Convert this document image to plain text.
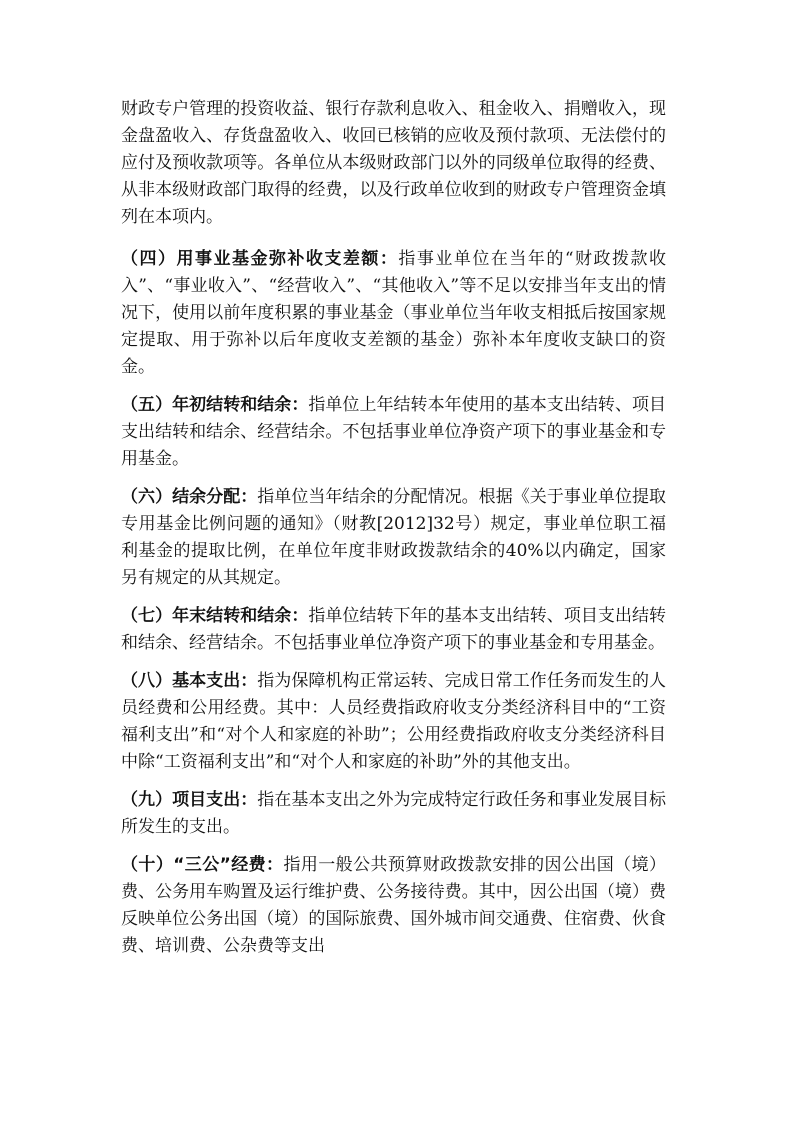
财政专户管理的投资收益、银行存款利息收入、租金收入、捐赠收入，现金盘盈收入、存货盘盈收入、收回已核销的应收及预付款项、无法偿付的应付及预收款项等。各单位从本级财政部门以外的同级单位取得的经费、从非本级财政部门取得的经费，以及行政单位收到的财政专户管理资金填列在本项内。

（四）用事业基金弥补收支差额：指事业单位在当年的“财政拨款收入”、“事业收入”、“经营收入”、“其他收入”等不足以安排当年支出的情况下，使用以前年度积累的事业基金（事业单位当年收支相抵后按国家规定提取、用于弥补以后年度收支差额的基金）弥补本年度收支缺口的资金。

（五）年初结转和结余：指单位上年结转本年使用的基本支出结转、项目支出结转和结余、经营结余。不包括事业单位净资产项下的事业基金和专用基金。

（六）结余分配：指单位当年结余的分配情况。根据《关于事业单位提取专用基金比例问题的通知》（财教[2012]32号）规定，事业单位职工福利基金的提取比例，在单位年度非财政拨款结余的40%以内确定，国家另有规定的从其规定。

（七）年末结转和结余：指单位结转下年的基本支出结转、项目支出结转和结余、经营结余。不包括事业单位净资产项下的事业基金和专用基金。

（八）基本支出：指为保障机构正常运转、完成日常工作任务而发生的人员经费和公用经费。其中：人员经费指政府收支分类经济科目中的“工资福利支出”和“对个人和家庭的补助”；公用经费指政府收支分类经济科目中除“工资福利支出”和“对个人和家庭的补助”外的其他支出。

（九）项目支出：指在基本支出之外为完成特定行政任务和事业发展目标所发生的支出。

（十）“三公”经费：指用一般公共预算财政拨款安排的因公出国（境）费、公务用车购置及运行维护费、公务接待费。其中，因公出国（境）费反映单位公务出国（境）的国际旅费、国外城市间交通费、住宿费、伙食费、培训费、公杂费等支出
